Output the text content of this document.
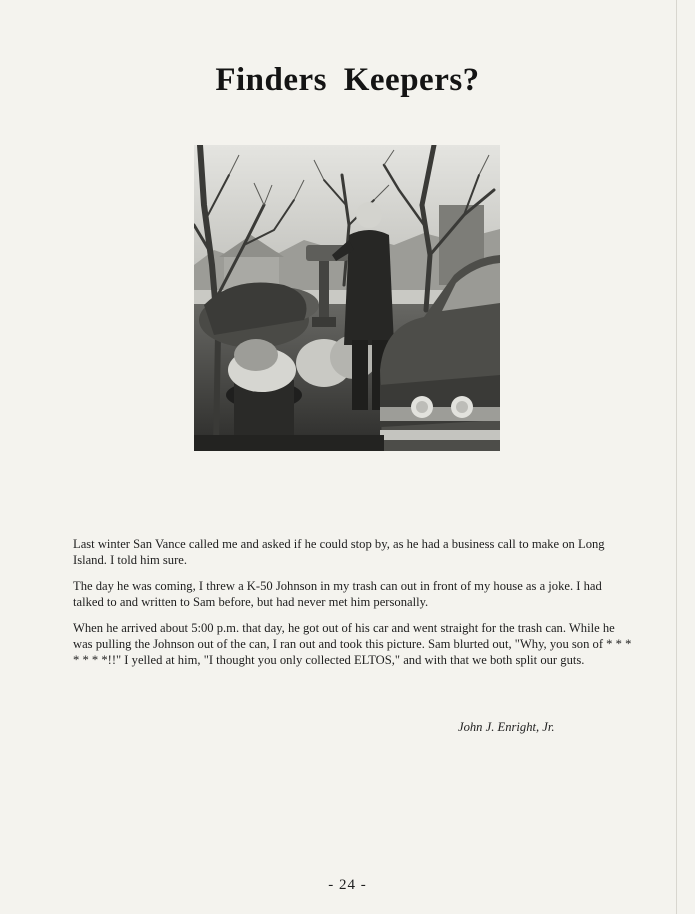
Finders Keepers?

Last winter San Vance called me and asked if he could stop by, as he had a business call to make on Long Island. I told him sure.

The day he was coming, I threw a K-50 Johnson in my trash can out in front of my house as a joke. I had talked to and written to Sam before, but had never met him personally.

When he arrived about 5:00 p.m. that day, he got out of his car and went straight for the trash can. While he was pulling the Johnson out of the can, I ran out and took this picture. Sam blurted out, "Why, you son of * * * * * * *!!" I yelled at him, "I thought you only collected ELTOS," and with that we both split our guts.

John J. Enright, Jr.

- 24 -
